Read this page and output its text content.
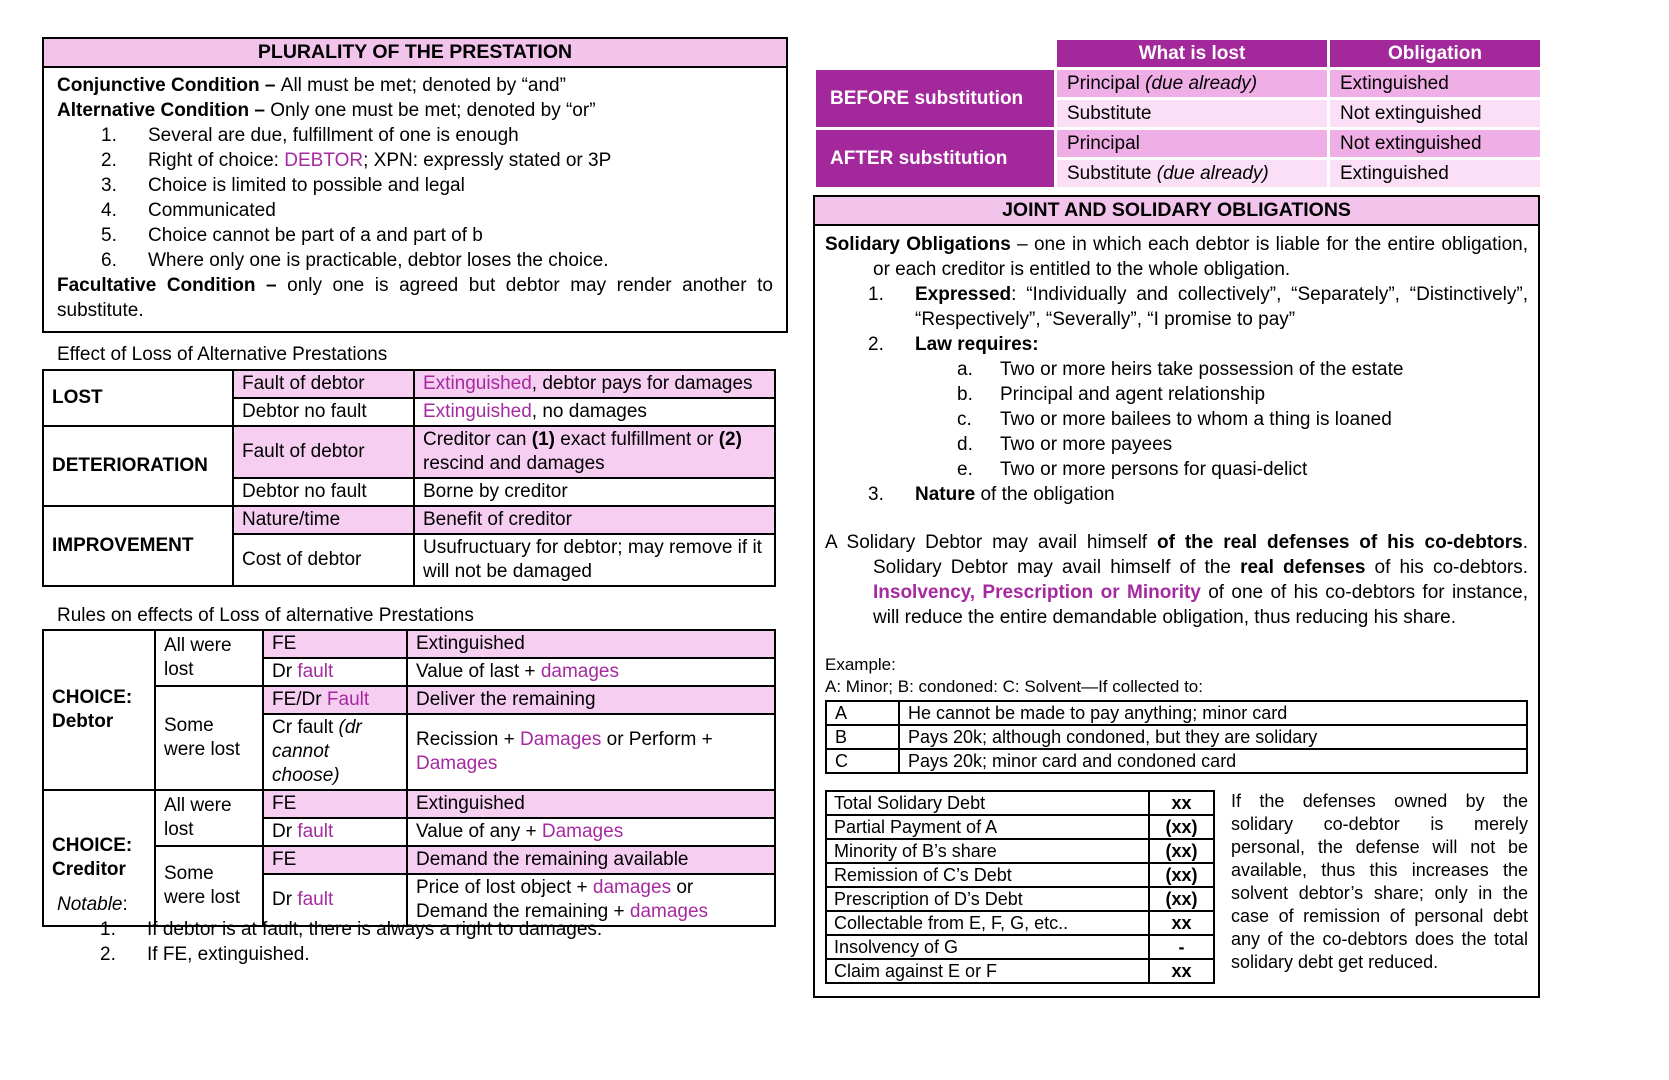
PLURALITY OF THE PRESTATION
Conjunctive Condition – All must be met; denoted by “and”
Alternative Condition – Only one must be met; denoted by “or”
1.	Several are due, fulfillment of one is enough
2.	Right of choice: DEBTOR; XPN: expressly stated or 3P
3.	Choice is limited to possible and legal
4.	Communicated
5.	Choice cannot be part of a and part of b
6.	Where only one is practicable, debtor loses the choice.
Facultative Condition – only one is agreed but debtor may render another to substitute.
Effect of Loss of Alternative Prestations
LOST	Fault of debtor	Extinguished, debtor pays for damages
	Debtor no fault	Extinguished, no damages
DETERIORATION	Fault of debtor	Creditor can (1) exact fulfillment or (2) rescind and damages
	Debtor no fault	Borne by creditor
IMPROVEMENT	Nature/time	Benefit of creditor
	Cost of debtor	Usufructuary for debtor; may remove if it will not be damaged
Rules on effects of Loss of alternative Prestations
CHOICE:
Debtor	All were lost	FE	Extinguished
		Dr fault	Value of last + damages
	Some were lost	FE/Dr Fault	Deliver the remaining
		Cr fault (dr cannot choose)	Recission + Damages or Perform + Damages

CHOICE:
Creditor	All were lost	FE	Extinguished
		Dr fault	Value of any + Damages
	Some were lost	FE	Demand the remaining available
		Dr fault	Price of lost object + damages or Demand the remaining + damages
Notable:
1.	If debtor is at fault, there is always a right to damages.
2.	If FE, extinguished.
	What is lost	Obligation
BEFORE substitution	Principal (due already)	Extinguished
	Substitute	Not extinguished
AFTER substitution	Principal	Not extinguished
	Substitute (due already)	Extinguished
JOINT AND SOLIDARY OBLIGATIONS
Solidary Obligations – one in which each debtor is liable for the entire obligation, or each creditor is entitled to the whole obligation.
1.	Expressed: “Individually and collectively”, “Separately”, “Distinctively”, “Respectively”, “Severally”, “I promise to pay”
2.	Law requires:
a.	Two or more heirs take possession of the estate
b.	Principal and agent relationship
c.	Two or more bailees to whom a thing is loaned
d.	Two or more payees
e.	Two or more persons for quasi-delict
3.	Nature of the obligation
A Solidary Debtor may avail himself of the real defenses of his co-debtors. Solidary Debtor may avail himself of the real defenses of his co-debtors. Insolvency, Prescription or Minority of one of his co-debtors for instance, will reduce the entire demandable obligation, thus reducing his share.
Example:
A: Minor; B: condoned: C: Solvent—If collected to:
A	He cannot be made to pay anything; minor card
B	Pays 20k; although condoned, but they are solidary
C	Pays 20k; minor card and condoned card
Total Solidary Debt	xx
Partial Payment of A	(xx)
Minority of B’s share	(xx)
Remission of C’s Debt	(xx)
Prescription of D’s Debt	(xx)
Collectable from E, F, G, etc..	xx
Insolvency of G	-
Claim against E or F	xx
If the defenses owned by the solidary co-debtor is merely personal, the defense will not be available, thus this increases the solvent debtor’s share; only in the case of remission of personal debt any of the co-debtors does the total solidary debt get reduced.
